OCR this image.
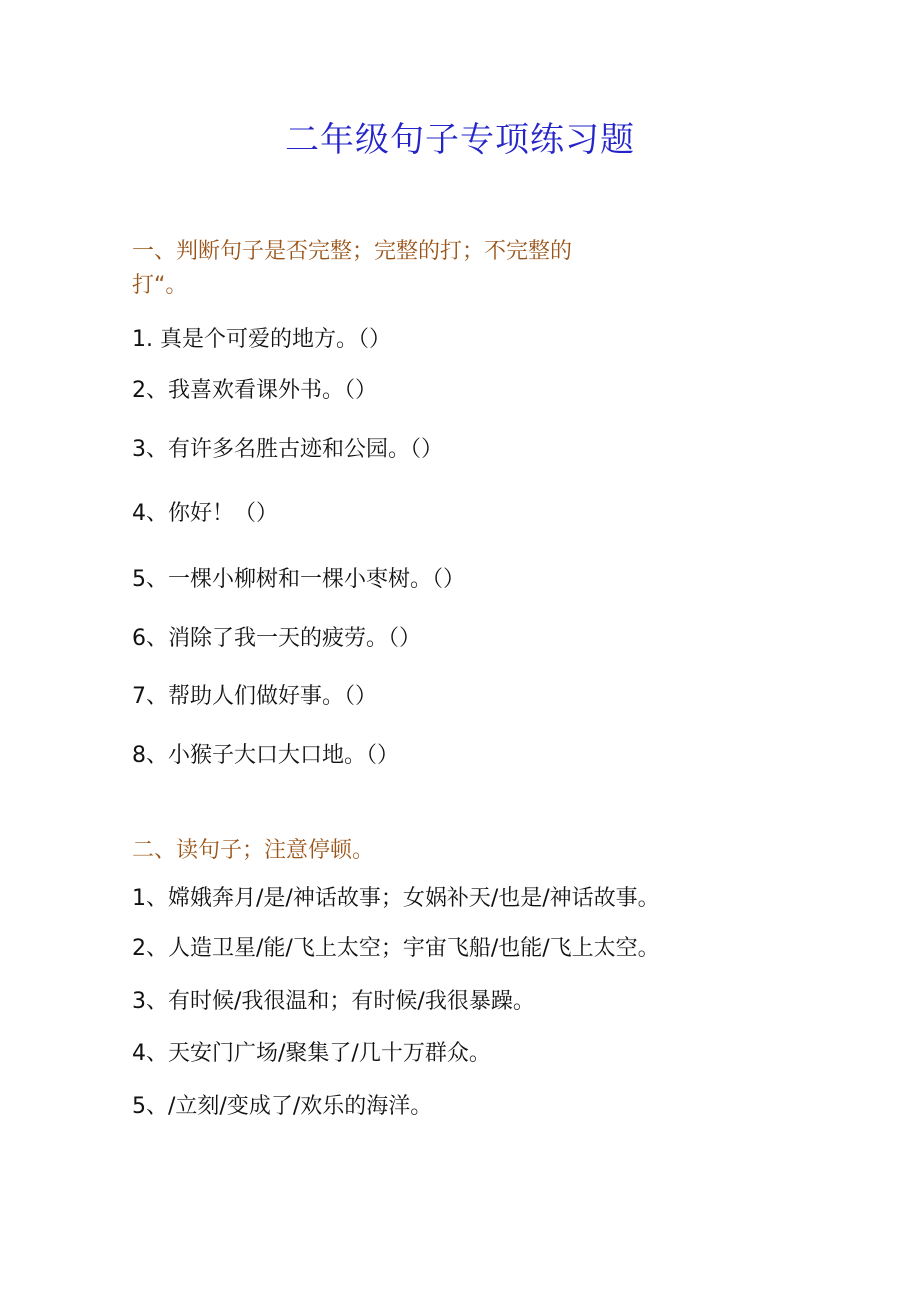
二年级句子专项练习题
一、判断句子是否完整；完整的打；不完整的
打“。
1. 真是个可爱的地方。（）
2、我喜欢看课外书。（）
3、有许多名胜古迹和公园。（）
4、你好！（）
5、一棵小柳树和一棵小枣树。（）
6、消除了我一天的疲劳。（）
7、帮助人们做好事。（）
8、小猴子大口大口地。（）
二、读句子；注意停顿。
1、嫦娥奔月/是/神话故事；女娲补天/也是/神话故事。
2、人造卫星/能/飞上太空；宇宙飞船/也能/飞上太空。
3、有时候/我很温和；有时候/我很暴躁。
4、天安门广场/聚集了/几十万群众。
5、/立刻/变成了/欢乐的海洋。
